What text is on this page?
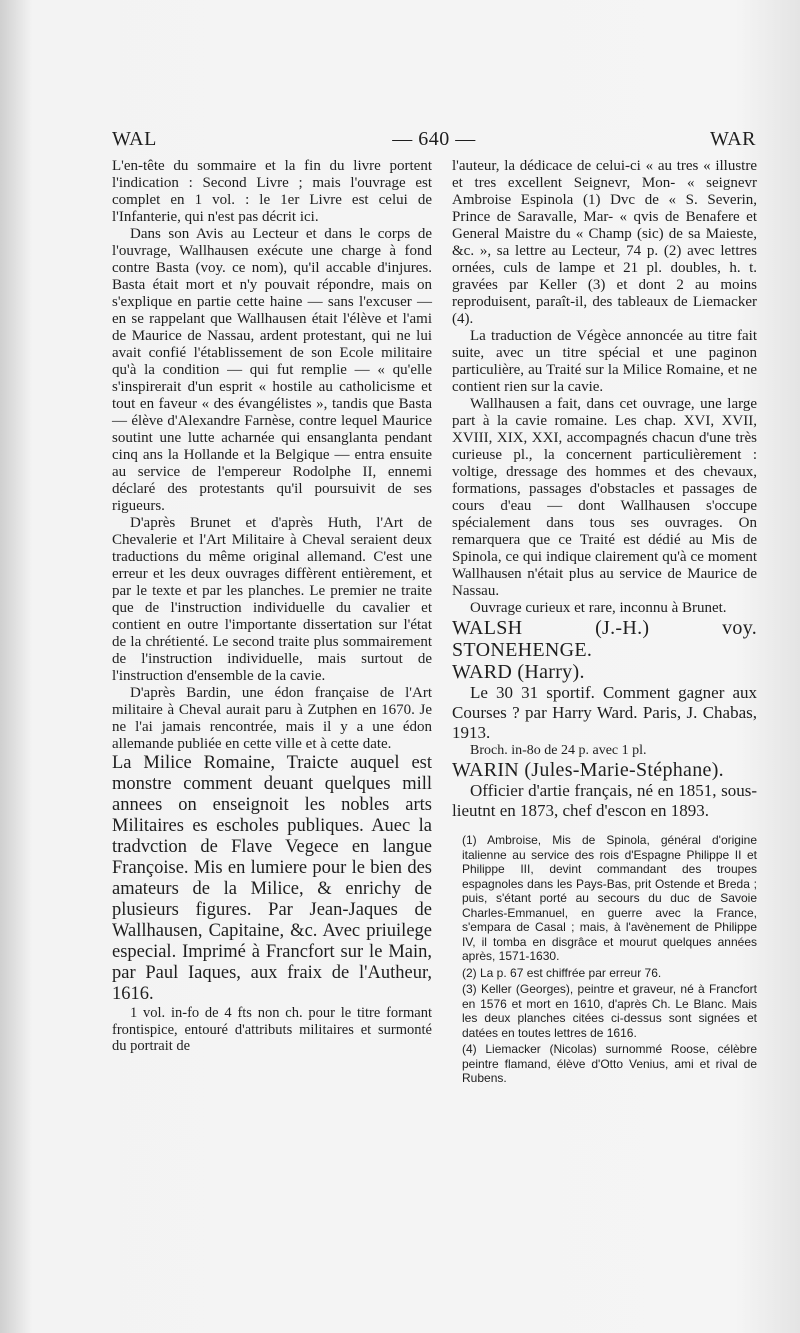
WAL	— 640 —	WAR

L'en-tête du sommaire et la fin du livre portent l'indication : Second Livre ; mais l'ouvrage est complet en 1 vol. : le 1er Livre est celui de l'Infanterie, qui n'est pas décrit ici.

Dans son Avis au Lecteur et dans le corps de l'ouvrage, Wallhausen exécute une charge à fond contre Basta (voy. ce nom), qu'il accable d'injures. Basta était mort et n'y pouvait répondre, mais on s'explique en partie cette haine — sans l'excuser — en se rappelant que Wallhausen était l'élève et l'ami de Maurice de Nassau, ardent protestant, qui ne lui avait confié l'établissement de son Ecole militaire qu'à la condition — qui fut remplie — « qu'elle s'inspirerait d'un esprit « hostile au catholicisme et tout en faveur « des évangélistes », tandis que Basta — élève d'Alexandre Farnèse, contre lequel Maurice soutint une lutte acharnée qui ensanglanta pendant cinq ans la Hollande et la Belgique — entra ensuite au service de l'empereur Rodolphe II, ennemi déclaré des protestants qu'il poursuivit de ses rigueurs.

D'après Brunet et d'après Huth, l'Art de Chevalerie et l'Art Militaire à Cheval seraient deux traductions du même original allemand. C'est une erreur et les deux ouvrages diffèrent entièrement, et par le texte et par les planches. Le premier ne traite que de l'instruction individuelle du cavalier et contient en outre l'importante dissertation sur l'état de la chrétienté. Le second traite plus sommairement de l'instruction individuelle, mais surtout de l'instruction d'ensemble de la cavie.

D'après Bardin, une édon française de l'Art militaire à Cheval aurait paru à Zutphen en 1670. Je ne l'ai jamais rencontrée, mais il y a une édon allemande publiée en cette ville et à cette date.

La Milice Romaine, Traicte auquel est monstre comment deuant quelques mill annees on enseignoit les nobles arts Militaires es escholes publiques. Auec la tradvction de Flave Vegece en langue Françoise. Mis en lumiere pour le bien des amateurs de la Milice, & enrichy de plusieurs figures. Par Jean-Jaques de Wallhausen, Capitaine, &c. Avec priuilege especial. Imprimé à Francfort sur le Main, par Paul Iaques, aux fraix de l'Autheur, 1616.

1 vol. in-fo de 4 fts non ch. pour le titre formant frontispice, entouré d'attributs militaires et surmonté du portrait de

l'auteur, la dédicace de celui-ci « au tres « illustre et tres excellent Seignevr, Mon- « seignevr Ambroise Espinola (1) Dvc de « S. Severin, Prince de Saravalle, Mar- « qvis de Benafere et General Maistre du « Champ (sic) de sa Maieste, &c. », sa lettre au Lecteur, 74 p. (2) avec lettres ornées, culs de lampe et 21 pl. doubles, h. t. gravées par Keller (3) et dont 2 au moins reproduisent, paraît-il, des tableaux de Liemacker (4).

La traduction de Végèce annoncée au titre fait suite, avec un titre spécial et une paginon particulière, au Traité sur la Milice Romaine, et ne contient rien sur la cavie.

Wallhausen a fait, dans cet ouvrage, une large part à la cavie romaine. Les chap. XVI, XVII, XVIII, XIX, XXI, accompagnés chacun d'une très curieuse pl., la concernent particulièrement : voltige, dressage des hommes et des chevaux, formations, passages d'obstacles et passages de cours d'eau — dont Wallhausen s'occupe spécialement dans tous ses ouvrages. On remarquera que ce Traité est dédié au Mis de Spinola, ce qui indique clairement qu'à ce moment Wallhausen n'était plus au service de Maurice de Nassau.

Ouvrage curieux et rare, inconnu à Brunet.

WALSH (J.-H.) voy. STONEHENGE.

WARD (Harry).

Le 30 31 sportif. Comment gagner aux Courses ? par Harry Ward. Paris, J. Chabas, 1913.

Broch. in-8o de 24 p. avec 1 pl.

WARIN (Jules-Marie-Stéphane).

Officier d'artie français, né en 1851, sous-lieutnt en 1873, chef d'escon en 1893.

(1) Ambroise, Mis de Spinola, général d'origine italienne au service des rois d'Espagne Philippe II et Philippe III, devint commandant des troupes espagnoles dans les Pays-Bas, prit Ostende et Breda ; puis, s'étant porté au secours du duc de Savoie Charles-Emmanuel, en guerre avec la France, s'empara de Casal ; mais, à l'avènement de Philippe IV, il tomba en disgrâce et mourut quelques années après, 1571-1630.

(2) La p. 67 est chiffrée par erreur 76.

(3) Keller (Georges), peintre et graveur, né à Francfort en 1576 et mort en 1610, d'après Ch. Le Blanc. Mais les deux planches citées ci-dessus sont signées et datées en toutes lettres de 1616.

(4) Liemacker (Nicolas) surnommé Roose, célèbre peintre flamand, élève d'Otto Venius, ami et rival de Rubens.
